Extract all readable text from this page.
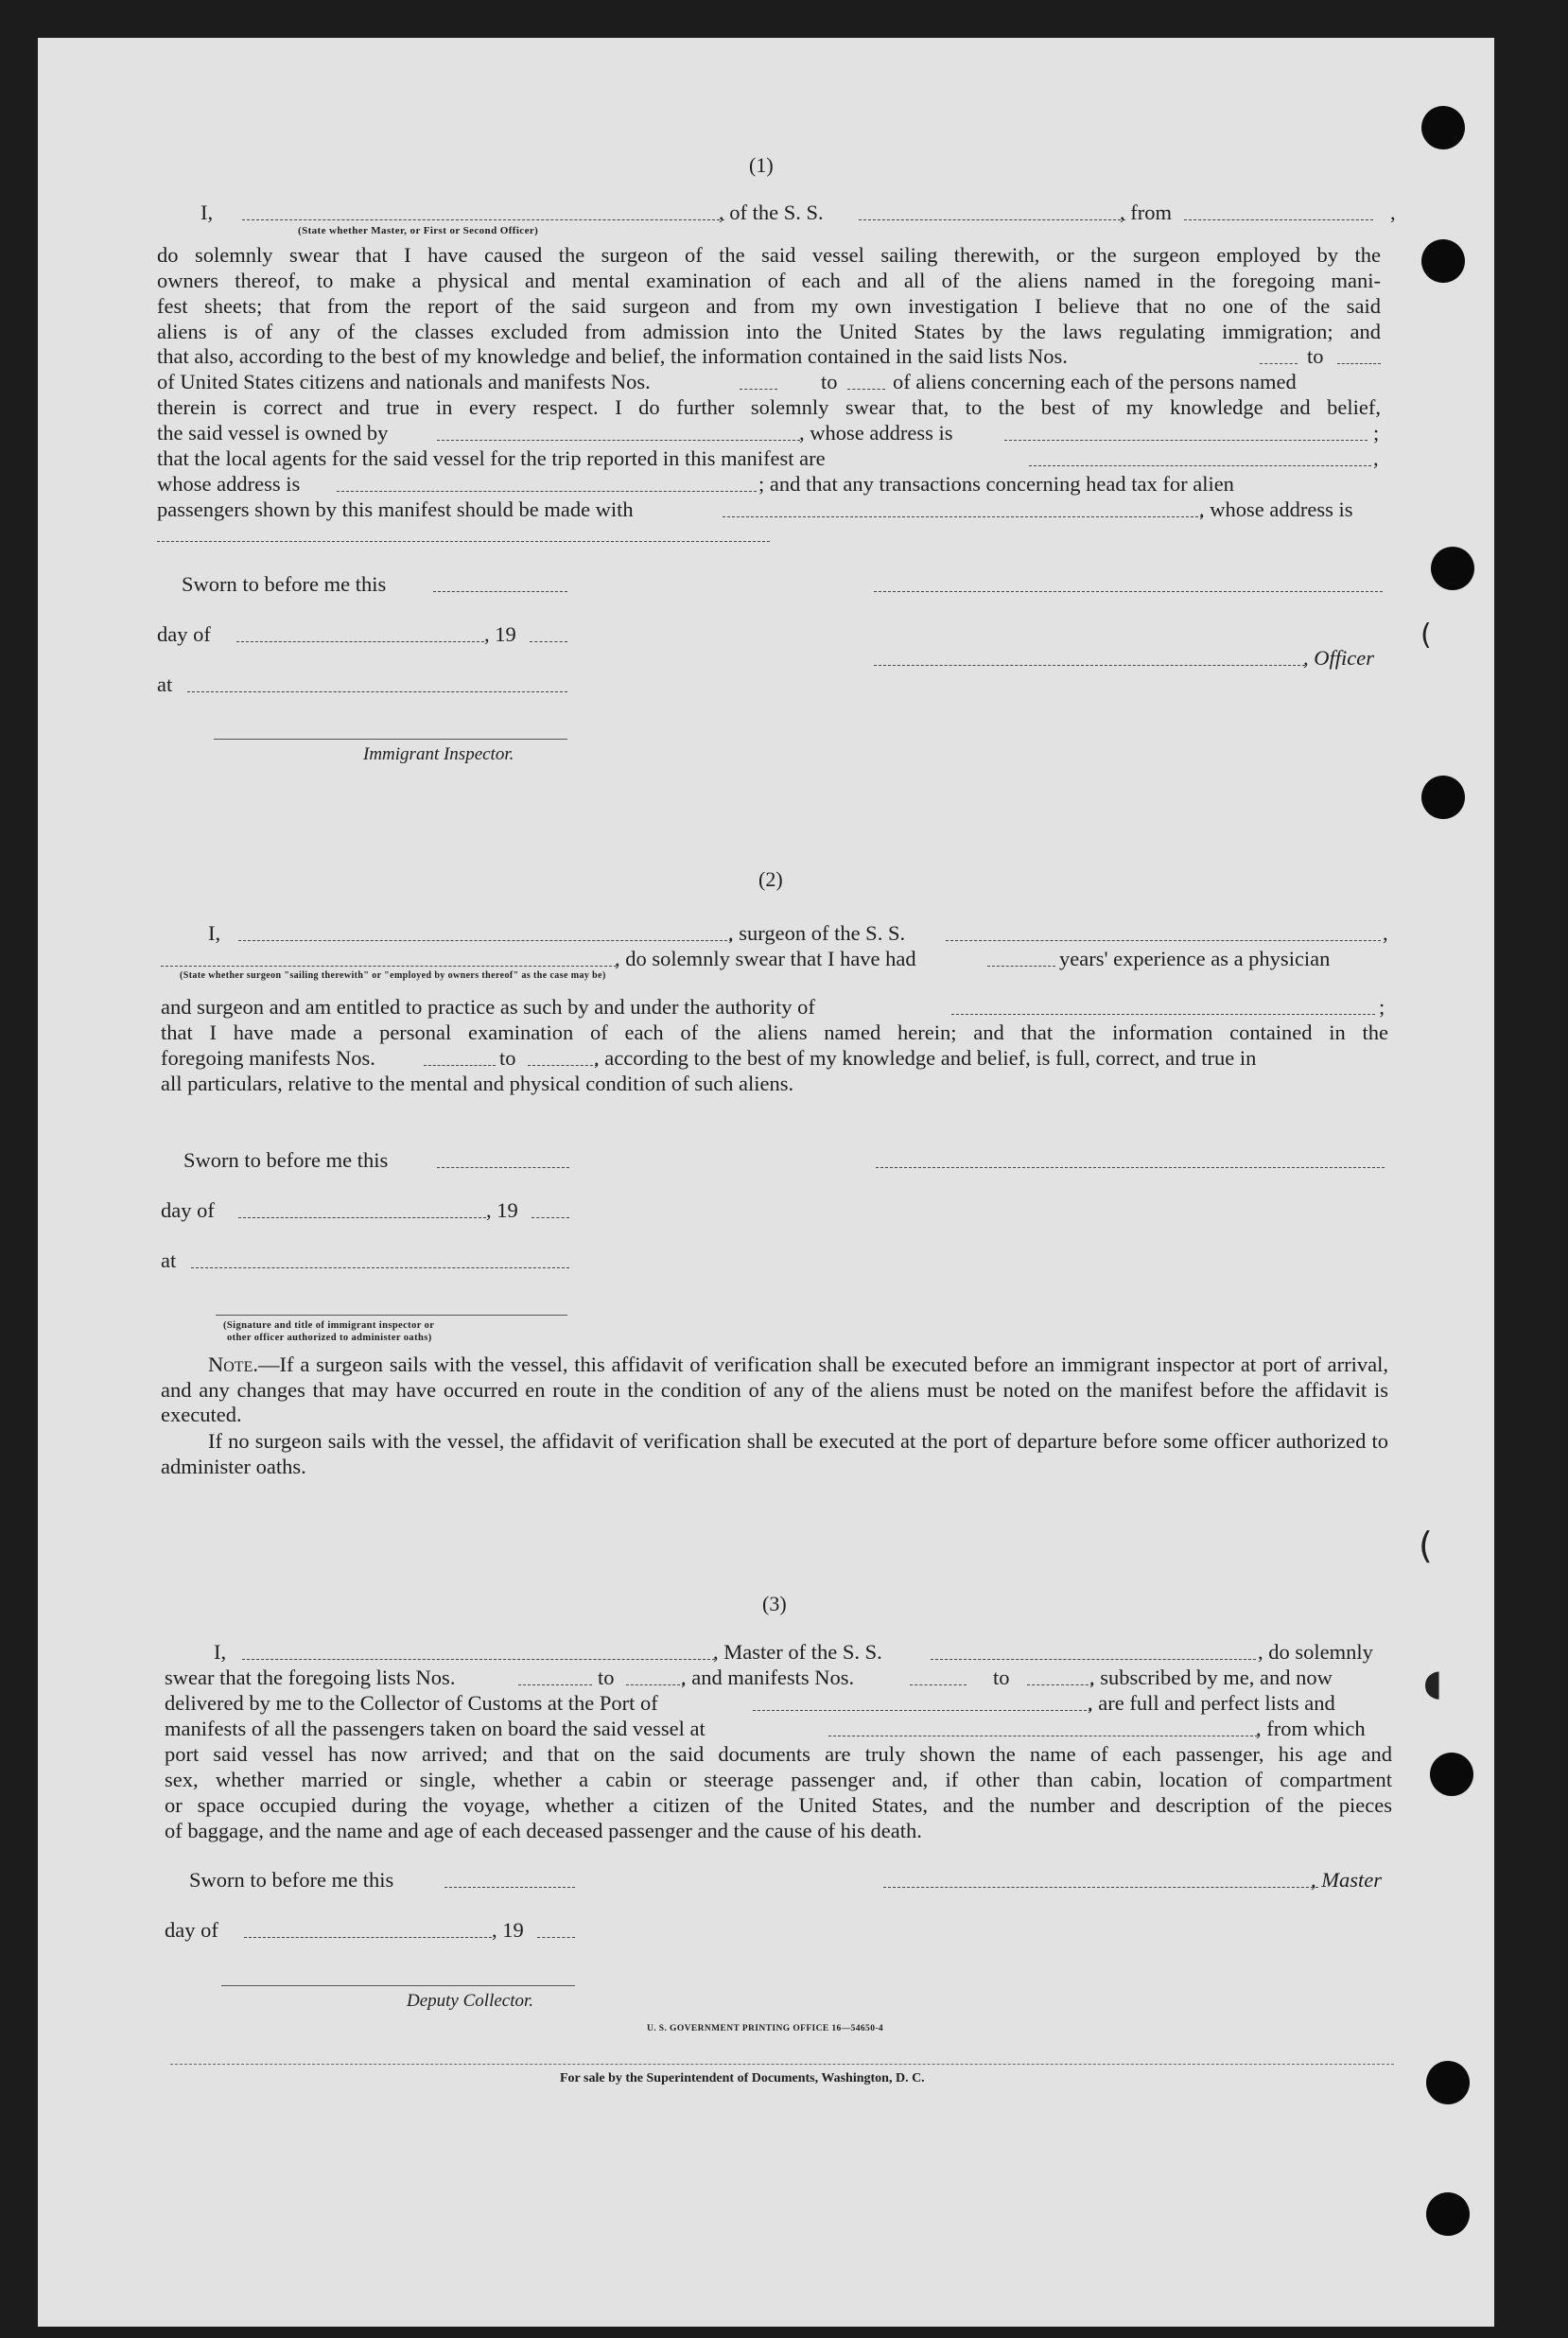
(
(
◖
(1)
I,	, of the S. S.	, from	,
(State whether Master, or First or Second Officer)
do solemnly swear that I have caused the surgeon of the said vessel sailing therewith, or the surgeon employed by the
owners thereof, to make a physical and mental examination of each and all of the aliens named in the foregoing mani-
fest sheets; that from the report of the said surgeon and from my own investigation I believe that no one of the said
aliens is of any of the classes excluded from admission into the United States by the laws regulating immigration; and
that also, according to the best of my knowledge and belief, the information contained in the said lists Nos.	to
of United States citizens and nationals and manifests Nos.	to	of aliens concerning each of the persons named
therein is correct and true in every respect. I do further solemnly swear that, to the best of my knowledge and belief,
the said vessel is owned by	, whose address is	;
that the local agents for the said vessel for the trip reported in this manifest are	,
whose address is	; and that any transactions concerning head tax for alien
passengers shown by this manifest should be made with	, whose address is
Sworn to before me this
day of	, 19
, Officer
at
Immigrant Inspector.
(2)
I,	, surgeon of the S. S.	,
, do solemnly swear that I have had	years' experience as a physician
(State whether surgeon "sailing therewith" or "employed by owners thereof" as the case may be)
and surgeon and am entitled to practice as such by and under the authority of	;
that I have made a personal examination of each of the aliens named herein; and that the information contained in the
foregoing manifests Nos.	to	, according to the best of my knowledge and belief, is full, correct, and true in
all particulars, relative to the mental and physical condition of such aliens.
Sworn to before me this
day of	, 19
at
(Signature and title of immigrant inspector or
other officer authorized to administer oaths)
Note.—If a surgeon sails with the vessel, this affidavit of verification shall be executed before an immigrant inspector at port of arrival, and any changes that may have occurred en route in the condition of any of the aliens must be noted on the manifest before the affidavit is executed.
If no surgeon sails with the vessel, the affidavit of verification shall be executed at the port of departure before some officer authorized to administer oaths.
(3)
I,	, Master of the S. S.	, do solemnly
swear that the foregoing lists Nos.	to	, and manifests Nos.	to	, subscribed by me, and now
delivered by me to the Collector of Customs at the Port of	, are full and perfect lists and
manifests of all the passengers taken on board the said vessel at	, from which
port said vessel has now arrived; and that on the said documents are truly shown the name of each passenger, his age and
sex, whether married or single, whether a cabin or steerage passenger and, if other than cabin, location of compartment
or space occupied during the voyage, whether a citizen of the United States, and the number and description of the pieces
of baggage, and the name and age of each deceased passenger and the cause of his death.
Sworn to before me this	, Master
day of	, 19
Deputy Collector.
U. S. GOVERNMENT PRINTING OFFICE 16—54650-4
For sale by the Superintendent of Documents, Washington, D. C.
